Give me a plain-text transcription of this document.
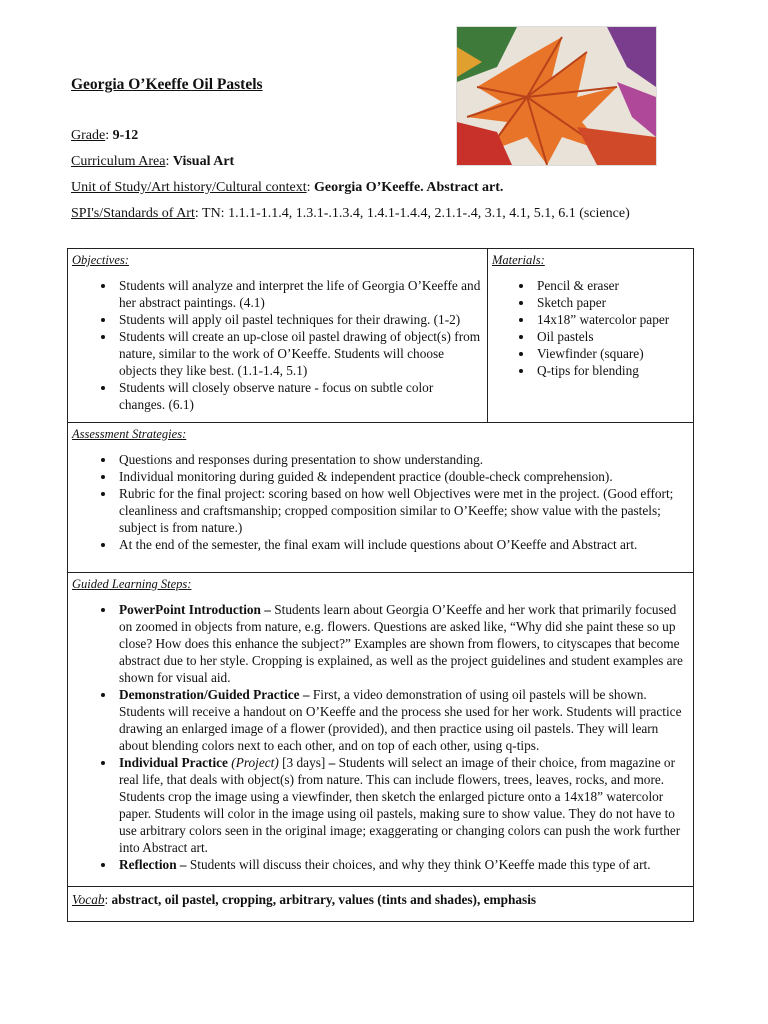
Georgia O’Keeffe Oil Pastels
Grade: 9-12
Curriculum Area: Visual Art
Unit of Study/Art history/Cultural context: Georgia O’Keeffe. Abstract art.
SPI's/Standards of Art: TN: 1.1.1-1.1.4, 1.3.1-.1.3.4, 1.4.1-1.4.4, 2.1.1-.4, 3.1, 4.1, 5.1, 6.1 (science)

Objectives:

• Students will analyze and interpret the life of Georgia O’Keeffe and her abstract paintings. (4.1)
• Students will apply oil pastel techniques for their drawing. (1-2)
• Students will create an up-close oil pastel drawing of object(s) from nature, similar to the work of O’Keeffe. Students will choose objects they like best. (1.1-1.4, 5.1)
• Students will closely observe nature - focus on subtle color changes. (6.1)

Materials:

• Pencil & eraser
• Sketch paper
• 14x18” watercolor paper
• Oil pastels
• Viewfinder (square)
• Q-tips for blending

Assessment Strategies:

• Questions and responses during presentation to show understanding.
• Individual monitoring during guided & independent practice (double-check comprehension).
• Rubric for the final project: scoring based on how well Objectives were met in the project. (Good effort; cleanliness and craftsmanship; cropped composition similar to O’Keeffe; show value with the pastels; subject is from nature.)
• At the end of the semester, the final exam will include questions about O’Keeffe and Abstract art.

Guided Learning Steps:

• PowerPoint Introduction – Students learn about Georgia O’Keeffe and her work that primarily focused on zoomed in objects from nature, e.g. flowers. Questions are asked like, “Why did she paint these so up close? How does this enhance the subject?” Examples are shown from flowers, to cityscapes that become abstract due to her style. Cropping is explained, as well as the project guidelines and student examples are shown for visual aid.
• Demonstration/Guided Practice – First, a video demonstration of using oil pastels will be shown. Students will receive a handout on O’Keeffe and the process she used for her work. Students will practice drawing an enlarged image of a flower (provided), and then practice using oil pastels. They will learn about blending colors next to each other, and on top of each other, using q-tips.
• Individual Practice (Project) [3 days] – Students will select an image of their choice, from magazine or real life, that deals with object(s) from nature. This can include flowers, trees, leaves, rocks, and more. Students crop the image using a viewfinder, then sketch the enlarged picture onto a 14x18” watercolor paper. Students will color in the image using oil pastels, making sure to show value. They do not have to use arbitrary colors seen in the original image; exaggerating or changing colors can push the work further into Abstract art.
• Reflection – Students will discuss their choices, and why they think O’Keeffe made this type of art.

Vocab: abstract, oil pastel, cropping, arbitrary, values (tints and shades), emphasis
